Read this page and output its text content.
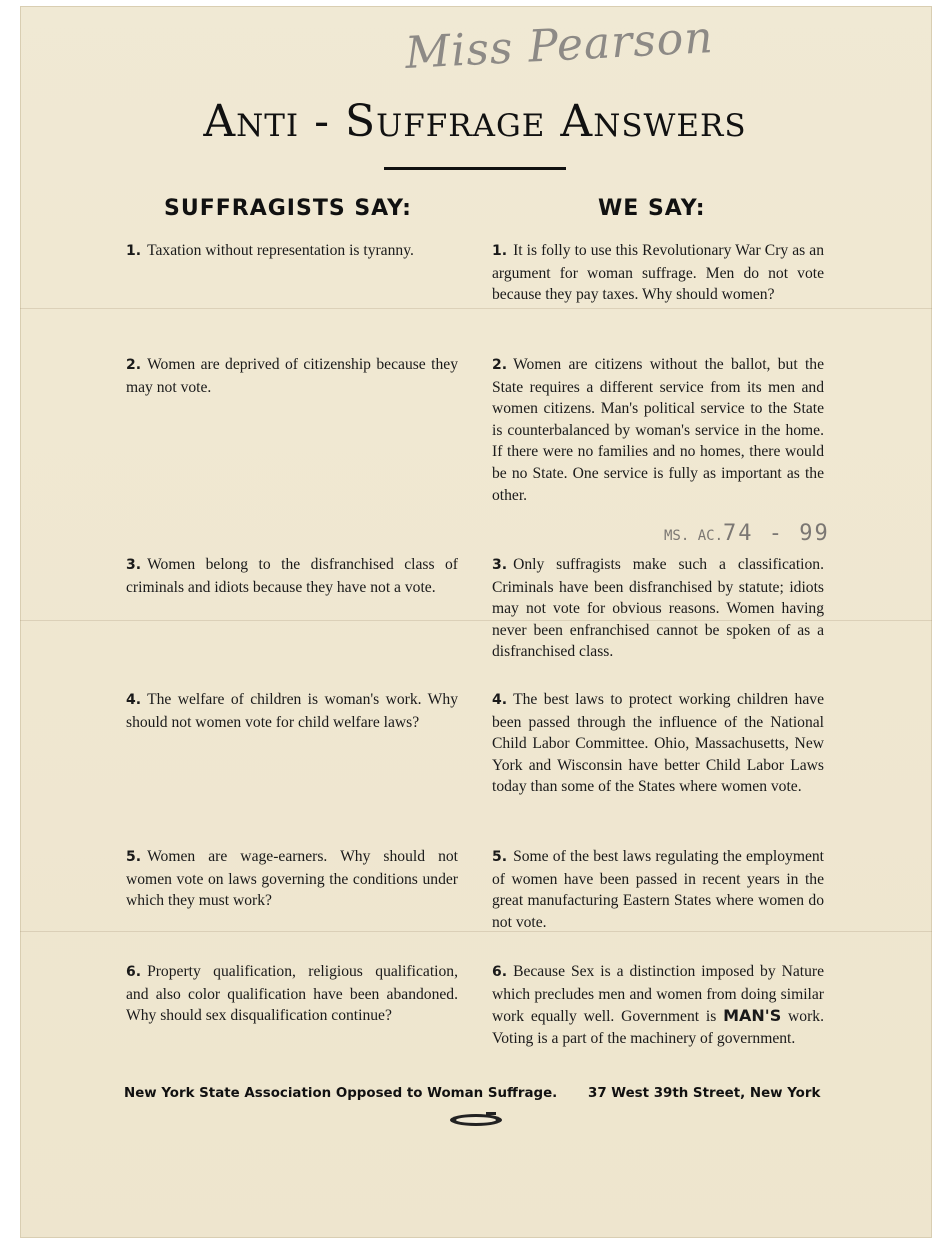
Miss Pearson
Anti - Suffrage Answers
SUFFRAGISTS SAY:	WE SAY:
1. Taxation without representation is tyranny.
2. Women are deprived of citizenship because they may not vote.
3. Women belong to the disfranchised class of criminals and idiots because they have not a vote.
4. The welfare of children is woman's work. Why should not women vote for child welfare laws?
5. Women are wage-earners. Why should not women vote on laws governing the conditions under which they must work?
6. Property qualification, religious qualification, and also color qualification have been abandoned. Why should sex disqualification continue?
1. It is folly to use this Revolutionary War Cry as an argument for woman suffrage. Men do not vote because they pay taxes. Why should women?
2. Women are citizens without the ballot, but the State requires a different service from its men and women citizens. Man's political service to the State is counterbalanced by woman's service in the home. If there were no families and no homes, there would be no State. One service is fully as important as the other.
3. Only suffragists make such a classification. Criminals have been disfranchised by statute; idiots may not vote for obvious reasons. Women having never been enfranchised cannot be spoken of as a disfranchised class.
4. The best laws to protect working children have been passed through the influence of the National Child Labor Committee. Ohio, Massachusetts, New York and Wisconsin have better Child Labor Laws today than some of the States where women vote.
5. Some of the best laws regulating the employment of women have been passed in recent years in the great manufacturing Eastern States where women do not vote.
6. Because Sex is a distinction imposed by Nature which precludes men and women from doing similar work equally well. Government is MAN'S work. Voting is a part of the machinery of government.
MS. AC.74 - 99
New York State Association Opposed to Woman Suffrage. 37 West 39th Street, New York
